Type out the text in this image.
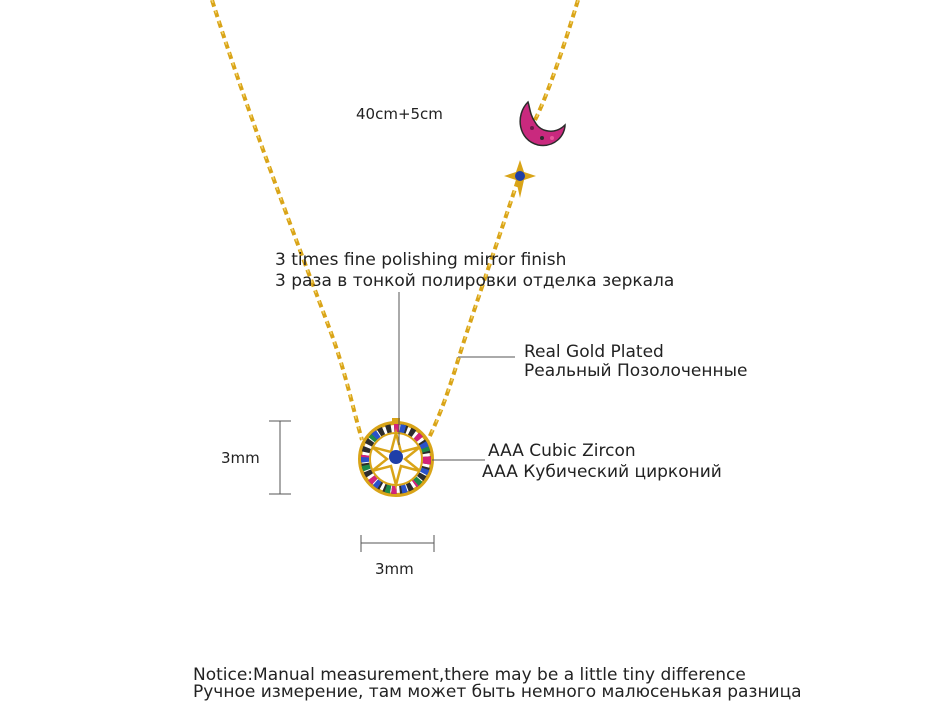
40cm+5cm
3 times fine polishing mirror finish
3 раза в тонкой полировки отделка зеркала
Real Gold Plated
Реальный Позолоченные
AAA Cubic Zircon
AAA Кубический цирконий
3mm
3mm
Notice:Manual measurement,there may be a little tiny difference
Ручное измерение, там может быть немного малюсенькая разница
